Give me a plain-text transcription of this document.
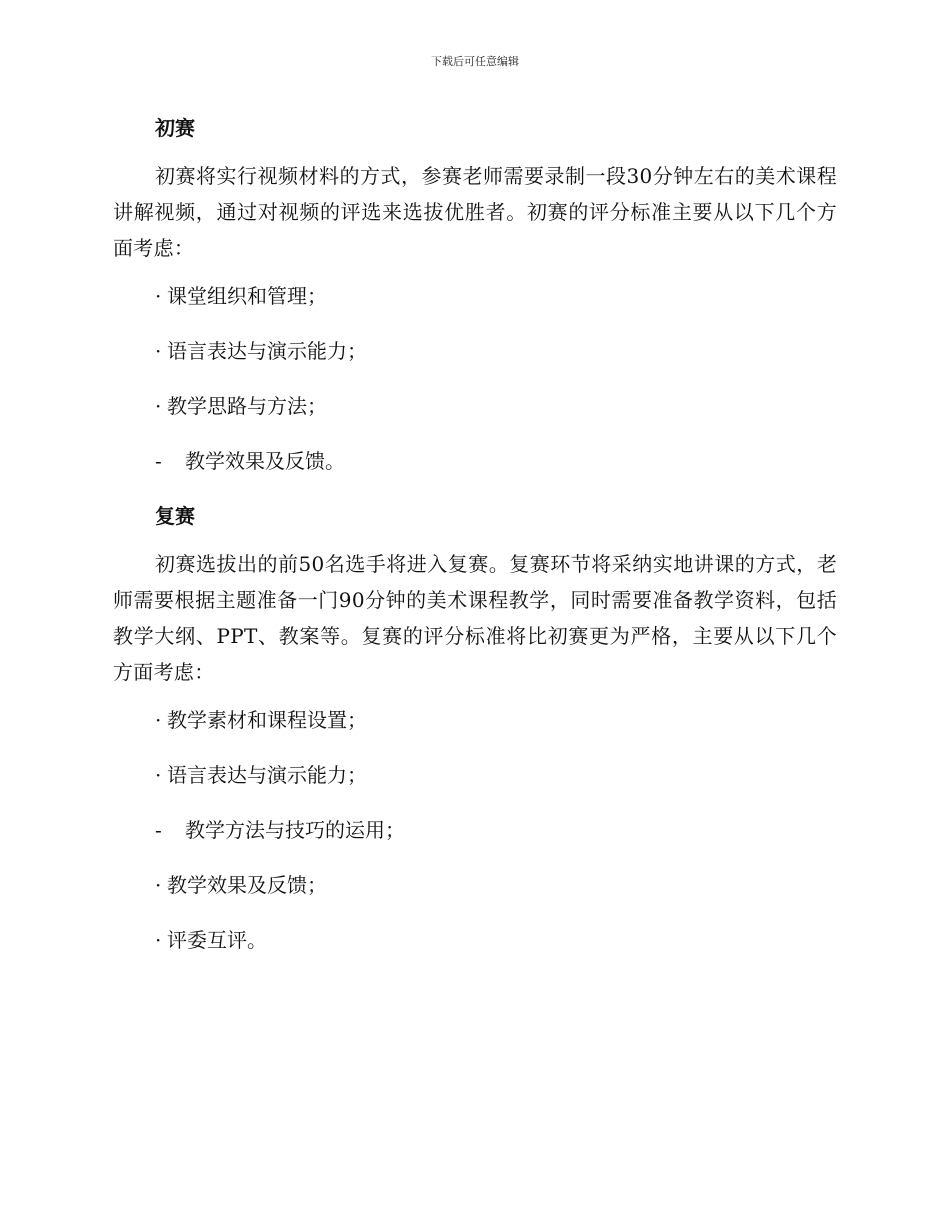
下载后可任意编辑
初赛

初赛将实行视频材料的方式，参赛老师需要录制一段30分钟左右的美术课程讲解视频，通过对视频的评选来选拔优胜者。初赛的评分标准主要从以下几个方面考虑：

· 课堂组织和管理；
· 语言表达与演示能力；
· 教学思路与方法；
-	教学效果及反馈。
复赛

初赛选拔出的前50名选手将进入复赛。复赛环节将采纳实地讲课的方式，老师需要根据主题准备一门90分钟的美术课程教学，同时需要准备教学资料，包括教学大纲、PPT、教案等。复赛的评分标准将比初赛更为严格，主要从以下几个方面考虑：

· 教学素材和课程设置；
· 语言表达与演示能力；
-	教学方法与技巧的运用；
· 教学效果及反馈；
· 评委互评。
